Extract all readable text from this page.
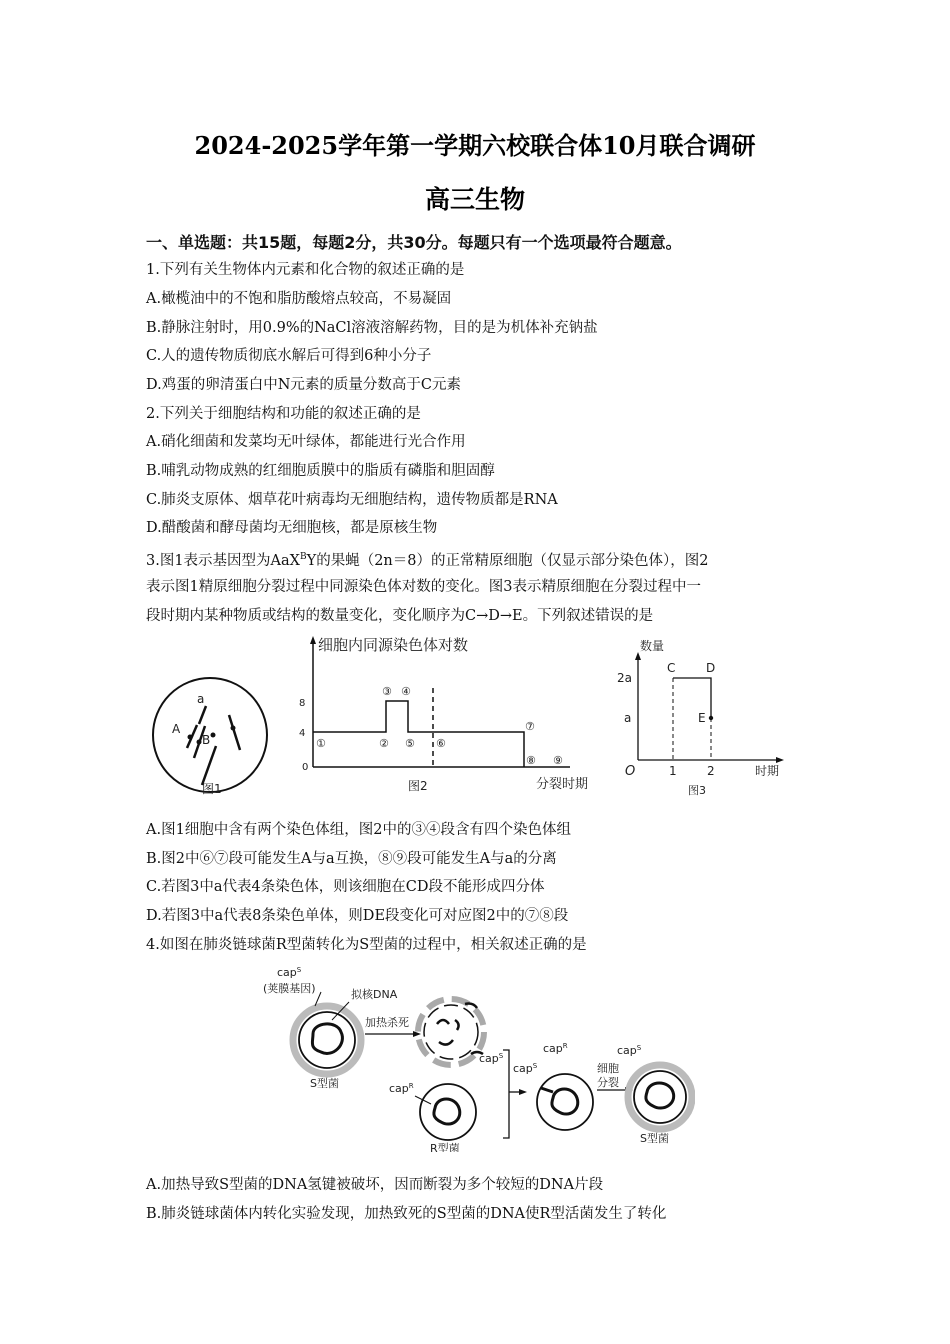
2024-2025学年第一学期六校联合体10月联合调研
高三生物
一、单选题：共15题，每题2分，共30分。每题只有一个选项最符合题意。
1.下列有关生物体内元素和化合物的叙述正确的是
A.橄榄油中的不饱和脂肪酸熔点较高，不易凝固
B.静脉注射时，用0.9%的NaCl溶液溶解药物，目的是为机体补充钠盐
C.人的遗传物质彻底水解后可得到6种小分子
D.鸡蛋的卵清蛋白中N元素的质量分数高于C元素
2.下列关于细胞结构和功能的叙述正确的是
A.硝化细菌和发菜均无叶绿体，都能进行光合作用
B.哺乳动物成熟的红细胞质膜中的脂质有磷脂和胆固醇
C.肺炎支原体、烟草花叶病毒均无细胞结构，遗传物质都是RNA
D.醋酸菌和酵母菌均无细胞核，都是原核生物
3.图1表示基因型为AaX$^B$Y的果蝇（2n＝8）的正常精原细胞（仅显示部分染色体），图2
表示图1精原细胞分裂过程中同源染色体对数的变化。图3表示精原细胞在分裂过程中一
段时期内某种物质或结构的数量变化，变化顺序为C→D→E。下列叙述错误的是
a
A
B
图1
细胞内同源染色体对数
8
4
0
①	②
③ ④
⑤ ⑥
⑦
⑧ ⑨
分裂时期
图2
数量
2a
a
1	2
O
C	D
E
时期
图3
A.图1细胞中含有两个染色体组，图2中的③④段含有四个染色体组
B.图2中⑥⑦段可能发生A与a互换，⑧⑨段可能发生A与a的分离
C.若图3中a代表4条染色体，则该细胞在CD段不能形成四分体
D.若图3中a代表8条染色单体，则DE段变化可对应图2中的⑦⑧段
4.如图在肺炎链球菌R型菌转化为S型菌的过程中，相关叙述正确的是
cap$^S$
(荚膜基因)	拟核DNA
S型菌
加热杀死
cap$^S$
cap$^R$
R型菌
cap$^S$
cap$^R$
细胞
分裂
cap$^S$
S型菌
A.加热导致S型菌的DNA氢键被破坏，因而断裂为多个较短的DNA片段
B.肺炎链球菌体内转化实验发现，加热致死的S型菌的DNA使R型活菌发生了转化
